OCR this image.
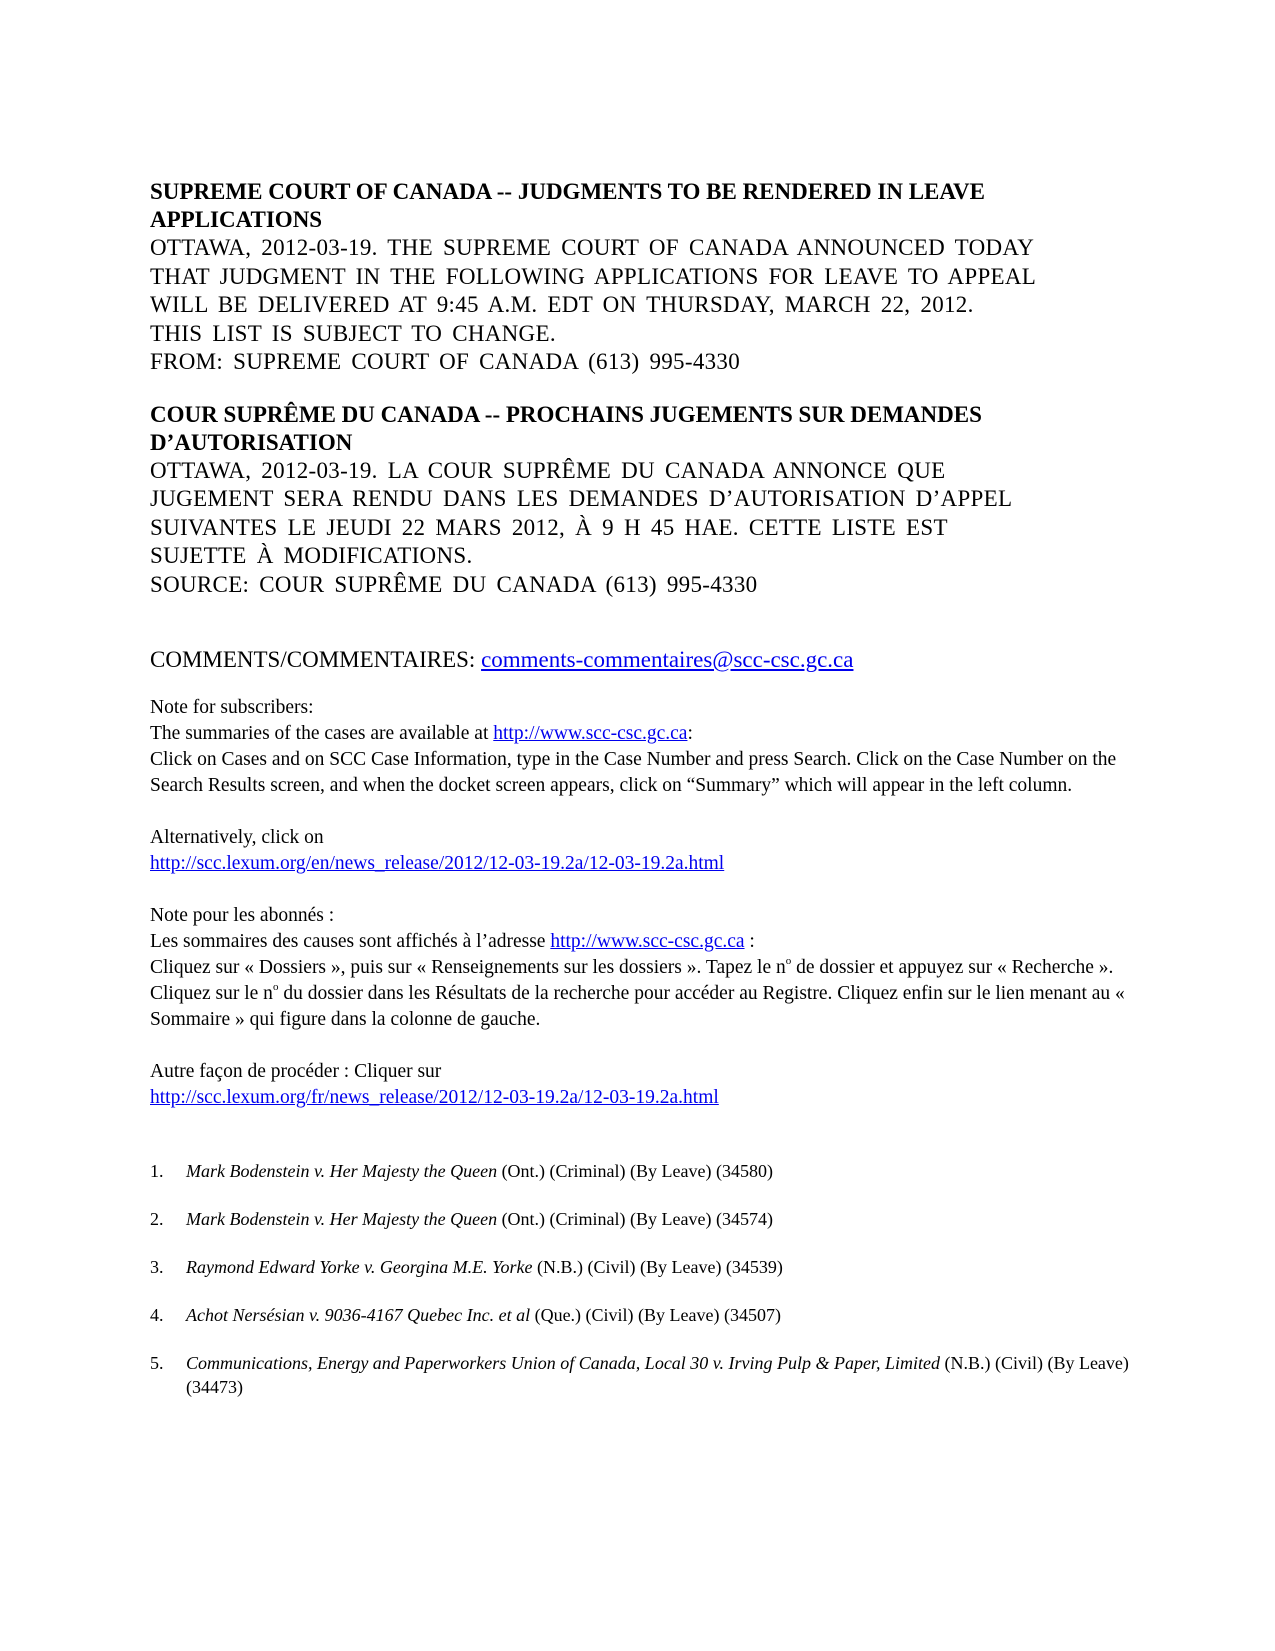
SUPREME COURT OF CANADA -- JUDGMENTS TO BE RENDERED IN LEAVE
APPLICATIONS

OTTAWA, 2012-03-19. THE SUPREME COURT OF CANADA ANNOUNCED TODAY
THAT JUDGMENT IN THE FOLLOWING APPLICATIONS FOR LEAVE TO APPEAL
WILL BE DELIVERED AT 9:45 A.M. EDT ON THURSDAY, MARCH 22, 2012.
THIS LIST IS SUBJECT TO CHANGE.
FROM: SUPREME COURT OF CANADA (613) 995-4330

COUR SUPRÊME DU CANADA -- PROCHAINS JUGEMENTS SUR DEMANDES
D’AUTORISATION

OTTAWA, 2012-03-19. LA COUR SUPRÊME DU CANADA ANNONCE QUE
JUGEMENT SERA RENDU DANS LES DEMANDES D’AUTORISATION D’APPEL
SUIVANTES LE JEUDI 22 MARS 2012, À 9 H 45 HAE. CETTE LISTE EST
SUJETTE À MODIFICATIONS.
SOURCE: COUR SUPRÊME DU CANADA (613) 995-4330
COMMENTS/COMMENTAIRES: comments-commentaires@scc-csc.gc.ca

Note for subscribers:

The summaries of the cases are available at http://www.scc-csc.gc.ca:

Click on Cases and on SCC Case Information, type in the Case Number and press Search. Click on the Case Number on the Search Results screen, and when the docket screen appears, click on “Summary” which will appear in the left column.

Alternatively, click on

http://scc.lexum.org/en/news_release/2012/12-03-19.2a/12-03-19.2a.html

Note pour les abonnés :

Les sommaires des causes sont affichés à l’adresse http://www.scc-csc.gc.ca :

Cliquez sur « Dossiers », puis sur « Renseignements sur les dossiers ». Tapez le $n^o$ de dossier et appuyez sur « Recherche ». Cliquez sur le $n^o$ du dossier dans les Résultats de la recherche pour accéder au Registre. Cliquez enfin sur le lien menant au « Sommaire » qui figure dans la colonne de gauche.

Autre façon de procéder : Cliquer sur

http://scc.lexum.org/fr/news_release/2012/12-03-19.2a/12-03-19.2a.html

1.	Mark Bodenstein v. Her Majesty the Queen (Ont.) (Criminal) (By Leave) (34580)
2.	Mark Bodenstein v. Her Majesty the Queen (Ont.) (Criminal) (By Leave) (34574)
3.	Raymond Edward Yorke v. Georgina M.E. Yorke (N.B.) (Civil) (By Leave) (34539)
4.	Achot Nersésian v. 9036-4167 Quebec Inc. et al (Que.) (Civil) (By Leave) (34507)
5.	Communications, Energy and Paperworkers Union of Canada, Local 30 v. Irving Pulp & Paper, Limited (N.B.) (Civil) (By Leave) (34473)
